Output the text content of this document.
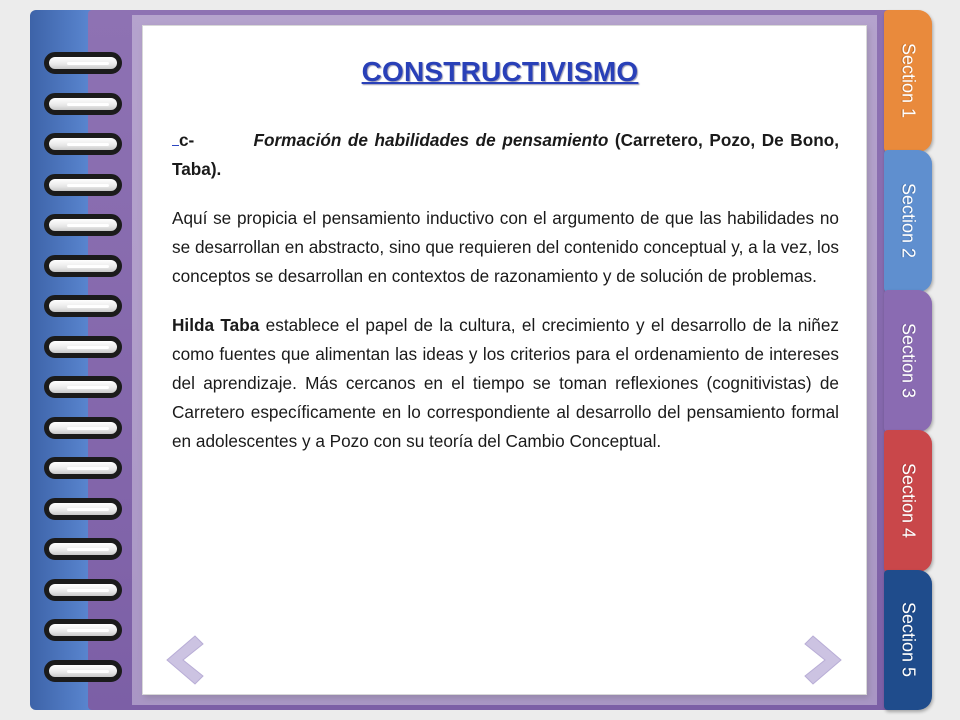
CONSTRUCTIVISMO

c-	Formación de habilidades de pensamiento (Carretero, Pozo, De Bono, Taba).

Aquí se propicia el pensamiento inductivo con el argumento de que las habilidades no se desarrollan en abstracto, sino que requieren del contenido conceptual y, a la vez, los conceptos se desarrollan en contextos de razonamiento y de solución de problemas.

Hilda Taba establece el papel de la cultura, el crecimiento y el desarrollo de la niñez como fuentes que alimentan las ideas y los criterios para el ordenamiento de intereses del aprendizaje. Más cercanos en el tiempo se toman reflexiones (cognitivistas) de Carretero específicamente en lo correspondiente al desarrollo del pensamiento formal en adolescentes y a Pozo con su teoría del Cambio Conceptual.

Section 1
Section 2
Section 3
Section 4
Section 5
